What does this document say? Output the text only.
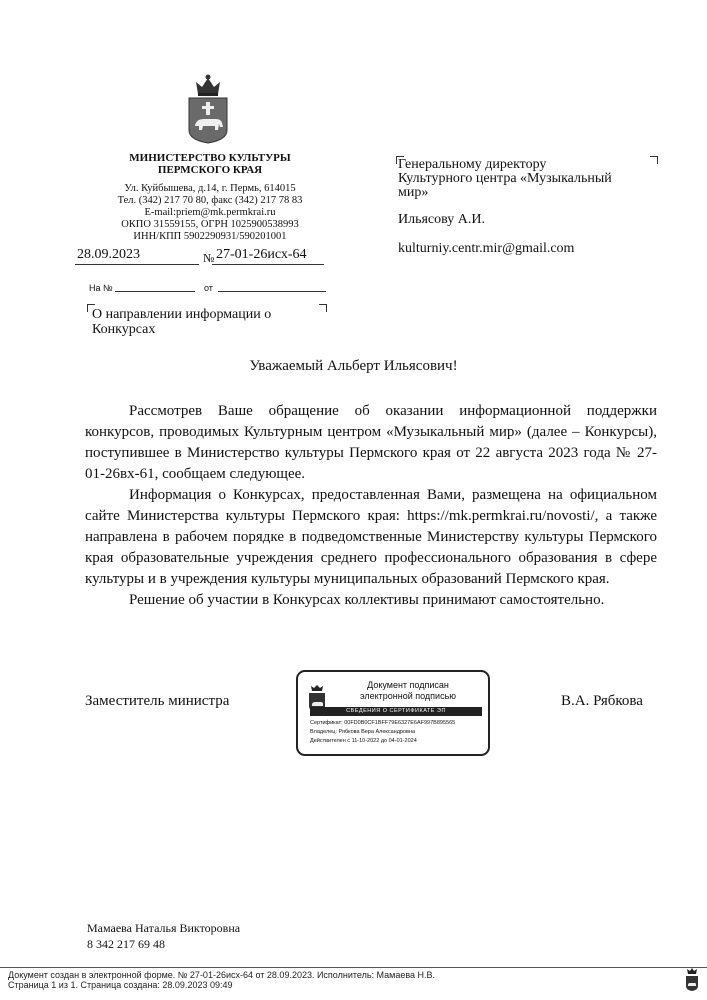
МИНИСТЕРСТВО КУЛЬТУРЫ
ПЕРМСКОГО КРАЯ
Ул. Куйбышева, д.14, г. Пермь, 614015
Тел. (342) 217 70 80, факс (342) 217 78 83
E-mail:priem@mk.permkrai.ru
ОКПО 31559155, ОГРН 1025900538993
ИНН/КПП 5902290931/590201001
28.09.2023	№ 27-01-26исх-64
На №	от
О направлении информации о
Конкурсах
Генеральному директору
Культурного центра «Музыкальный
мир»
Ильясову А.И.
kulturniy.centr.mir@gmail.com
Уважаемый Альберт Ильясович!

Рассмотрев Ваше обращение об оказании информационной поддержки конкурсов, проводимых Культурным центром «Музыкальный мир» (далее – Конкурсы), поступившее в Министерство культуры Пермского края от 22 августа 2023 года № 27-01-26вх-61, сообщаем следующее.

Информация о Конкурсах, предоставленная Вами, размещена на официальном сайте Министерства культуры Пермского края: https://mk.permkrai.ru/novosti/, а также направлена в рабочем порядке в подведомственные Министерству культуры Пермского края образовательные учреждения среднего профессионального образования в сфере культуры и в учреждения культуры муниципальных образований Пермского края.

Решение об участии в Конкурсах коллективы принимают самостоятельно.

Заместитель министра	В.А. Рябкова
Документ подписан
электронной подписью
СВЕДЕНИЯ О СЕРТИФИКАТЕ ЭП
Сертификат: 00FD0B0CF1BFF79E6327E6AF997B895565
Владелец: Рябкова Вера Александровна
Действителен с 11-10-2022 до 04-01-2024
Мамаева Наталья Викторовна
8 342 217 69 48
Документ создан в электронной форме. № 27-01-26исх-64 от 28.09.2023. Исполнитель: Мамаева Н.В.
Страница 1 из 1. Страница создана: 28.09.2023 09:49
